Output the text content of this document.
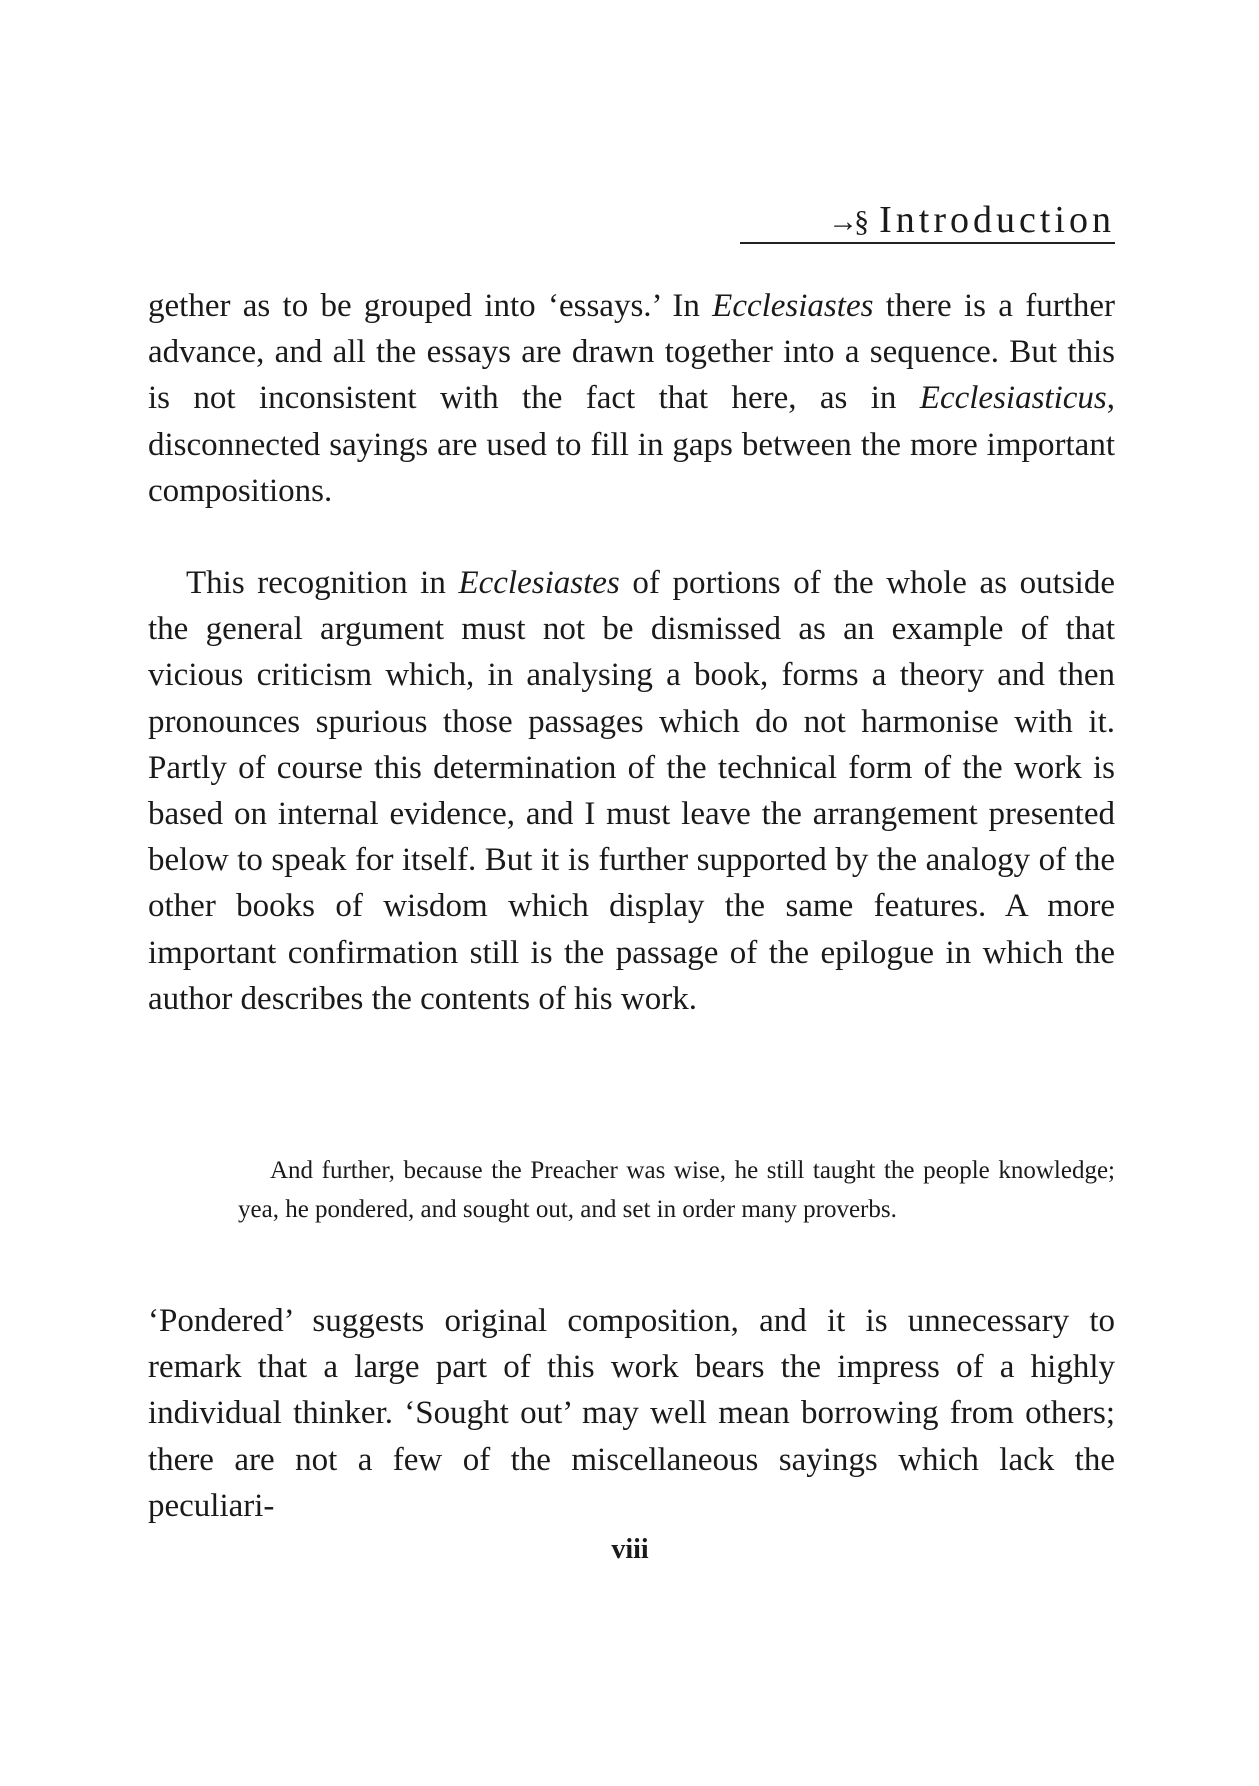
→§ Introduction

gether as to be grouped into ‘essays.’ In Ecclesiastes there is a further advance, and all the essays are drawn together into a sequence. But this is not inconsistent with the fact that here, as in Ecclesiasticus, disconnected sayings are used to fill in gaps between the more important compositions.

This recognition in Ecclesiastes of portions of the whole as outside the general argument must not be dismissed as an example of that vicious criticism which, in analysing a book, forms a theory and then pronounces spurious those passages which do not harmonise with it. Partly of course this determination of the technical form of the work is based on internal evidence, and I must leave the arrangement presented below to speak for itself. But it is further supported by the analogy of the other books of wisdom which display the same features. A more important confirmation still is the passage of the epilogue in which the author describes the contents of his work.

And further, because the Preacher was wise, he still taught the people knowledge; yea, he pondered, and sought out, and set in order many proverbs.

‘Pondered’ suggests original composition, and it is unnecessary to remark that a large part of this work bears the impress of a highly individual thinker. ‘Sought out’ may well mean borrowing from others; there are not a few of the miscellaneous sayings which lack the peculiari-

viii
